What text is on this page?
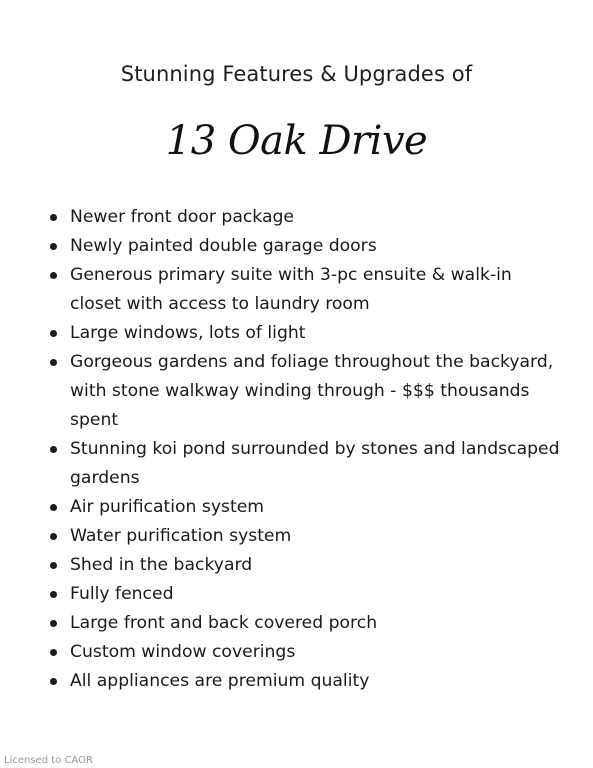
Stunning Features & Upgrades of
13 Oak Drive
Newer front door package
Newly painted double garage doors
Generous primary suite with 3-pc ensuite & walk-in closet with access to laundry room
Large windows, lots of light
Gorgeous gardens and foliage throughout the backyard, with stone walkway winding through - $$$ thousands spent
Stunning koi pond surrounded by stones and landscaped gardens
Air purification system
Water purification system
Shed in the backyard
Fully fenced
Large front and back covered porch
Custom window coverings
All appliances are premium quality
Licensed to CAOR
